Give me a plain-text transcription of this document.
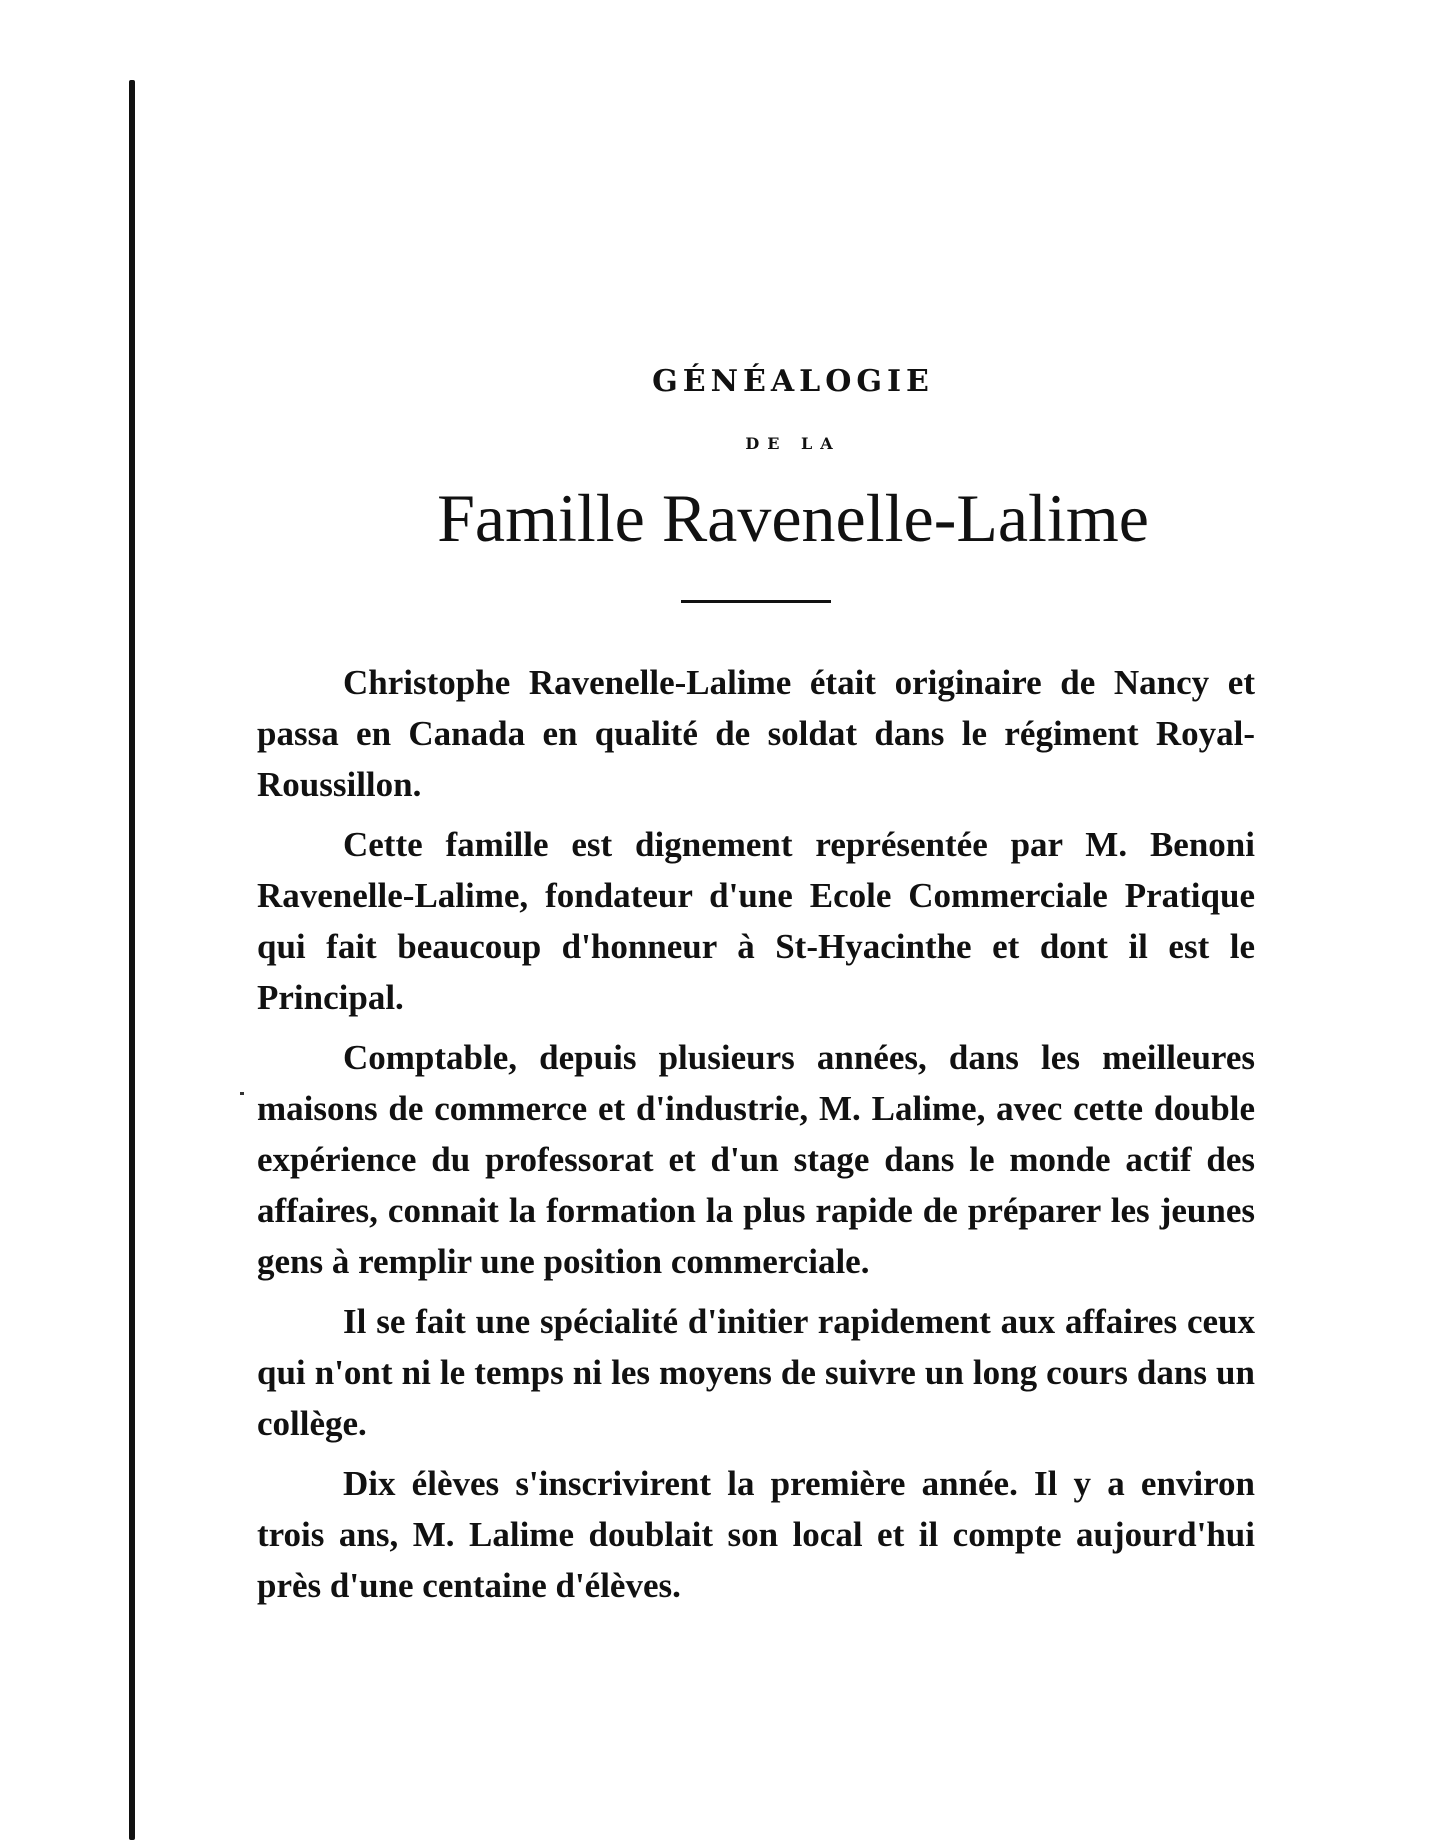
GÉNÉALOGIE
DE LA
Famille Ravenelle-Lalime

Christophe Ravenelle-Lalime était originaire de Nancy et passa en Canada en qualité de soldat dans le régiment Royal-Roussillon.

Cette famille est dignement représentée par M. Benoni Ravenelle-Lalime, fondateur d'une Ecole Commerciale Pratique qui fait beaucoup d'honneur à St-Hyacinthe et dont il est le Principal.

Comptable, depuis plusieurs années, dans les meilleures maisons de commerce et d'industrie, M. Lalime, avec cette double expérience du professorat et d'un stage dans le monde actif des affaires, connait la formation la plus rapide de préparer les jeunes gens à remplir une position commerciale.

Il se fait une spécialité d'initier rapidement aux affaires ceux qui n'ont ni le temps ni les moyens de suivre un long cours dans un collège.

Dix élèves s'inscrivirent la première année. Il y a environ trois ans, M. Lalime doublait son local et il compte aujourd'hui près d'une centaine d'élèves.
